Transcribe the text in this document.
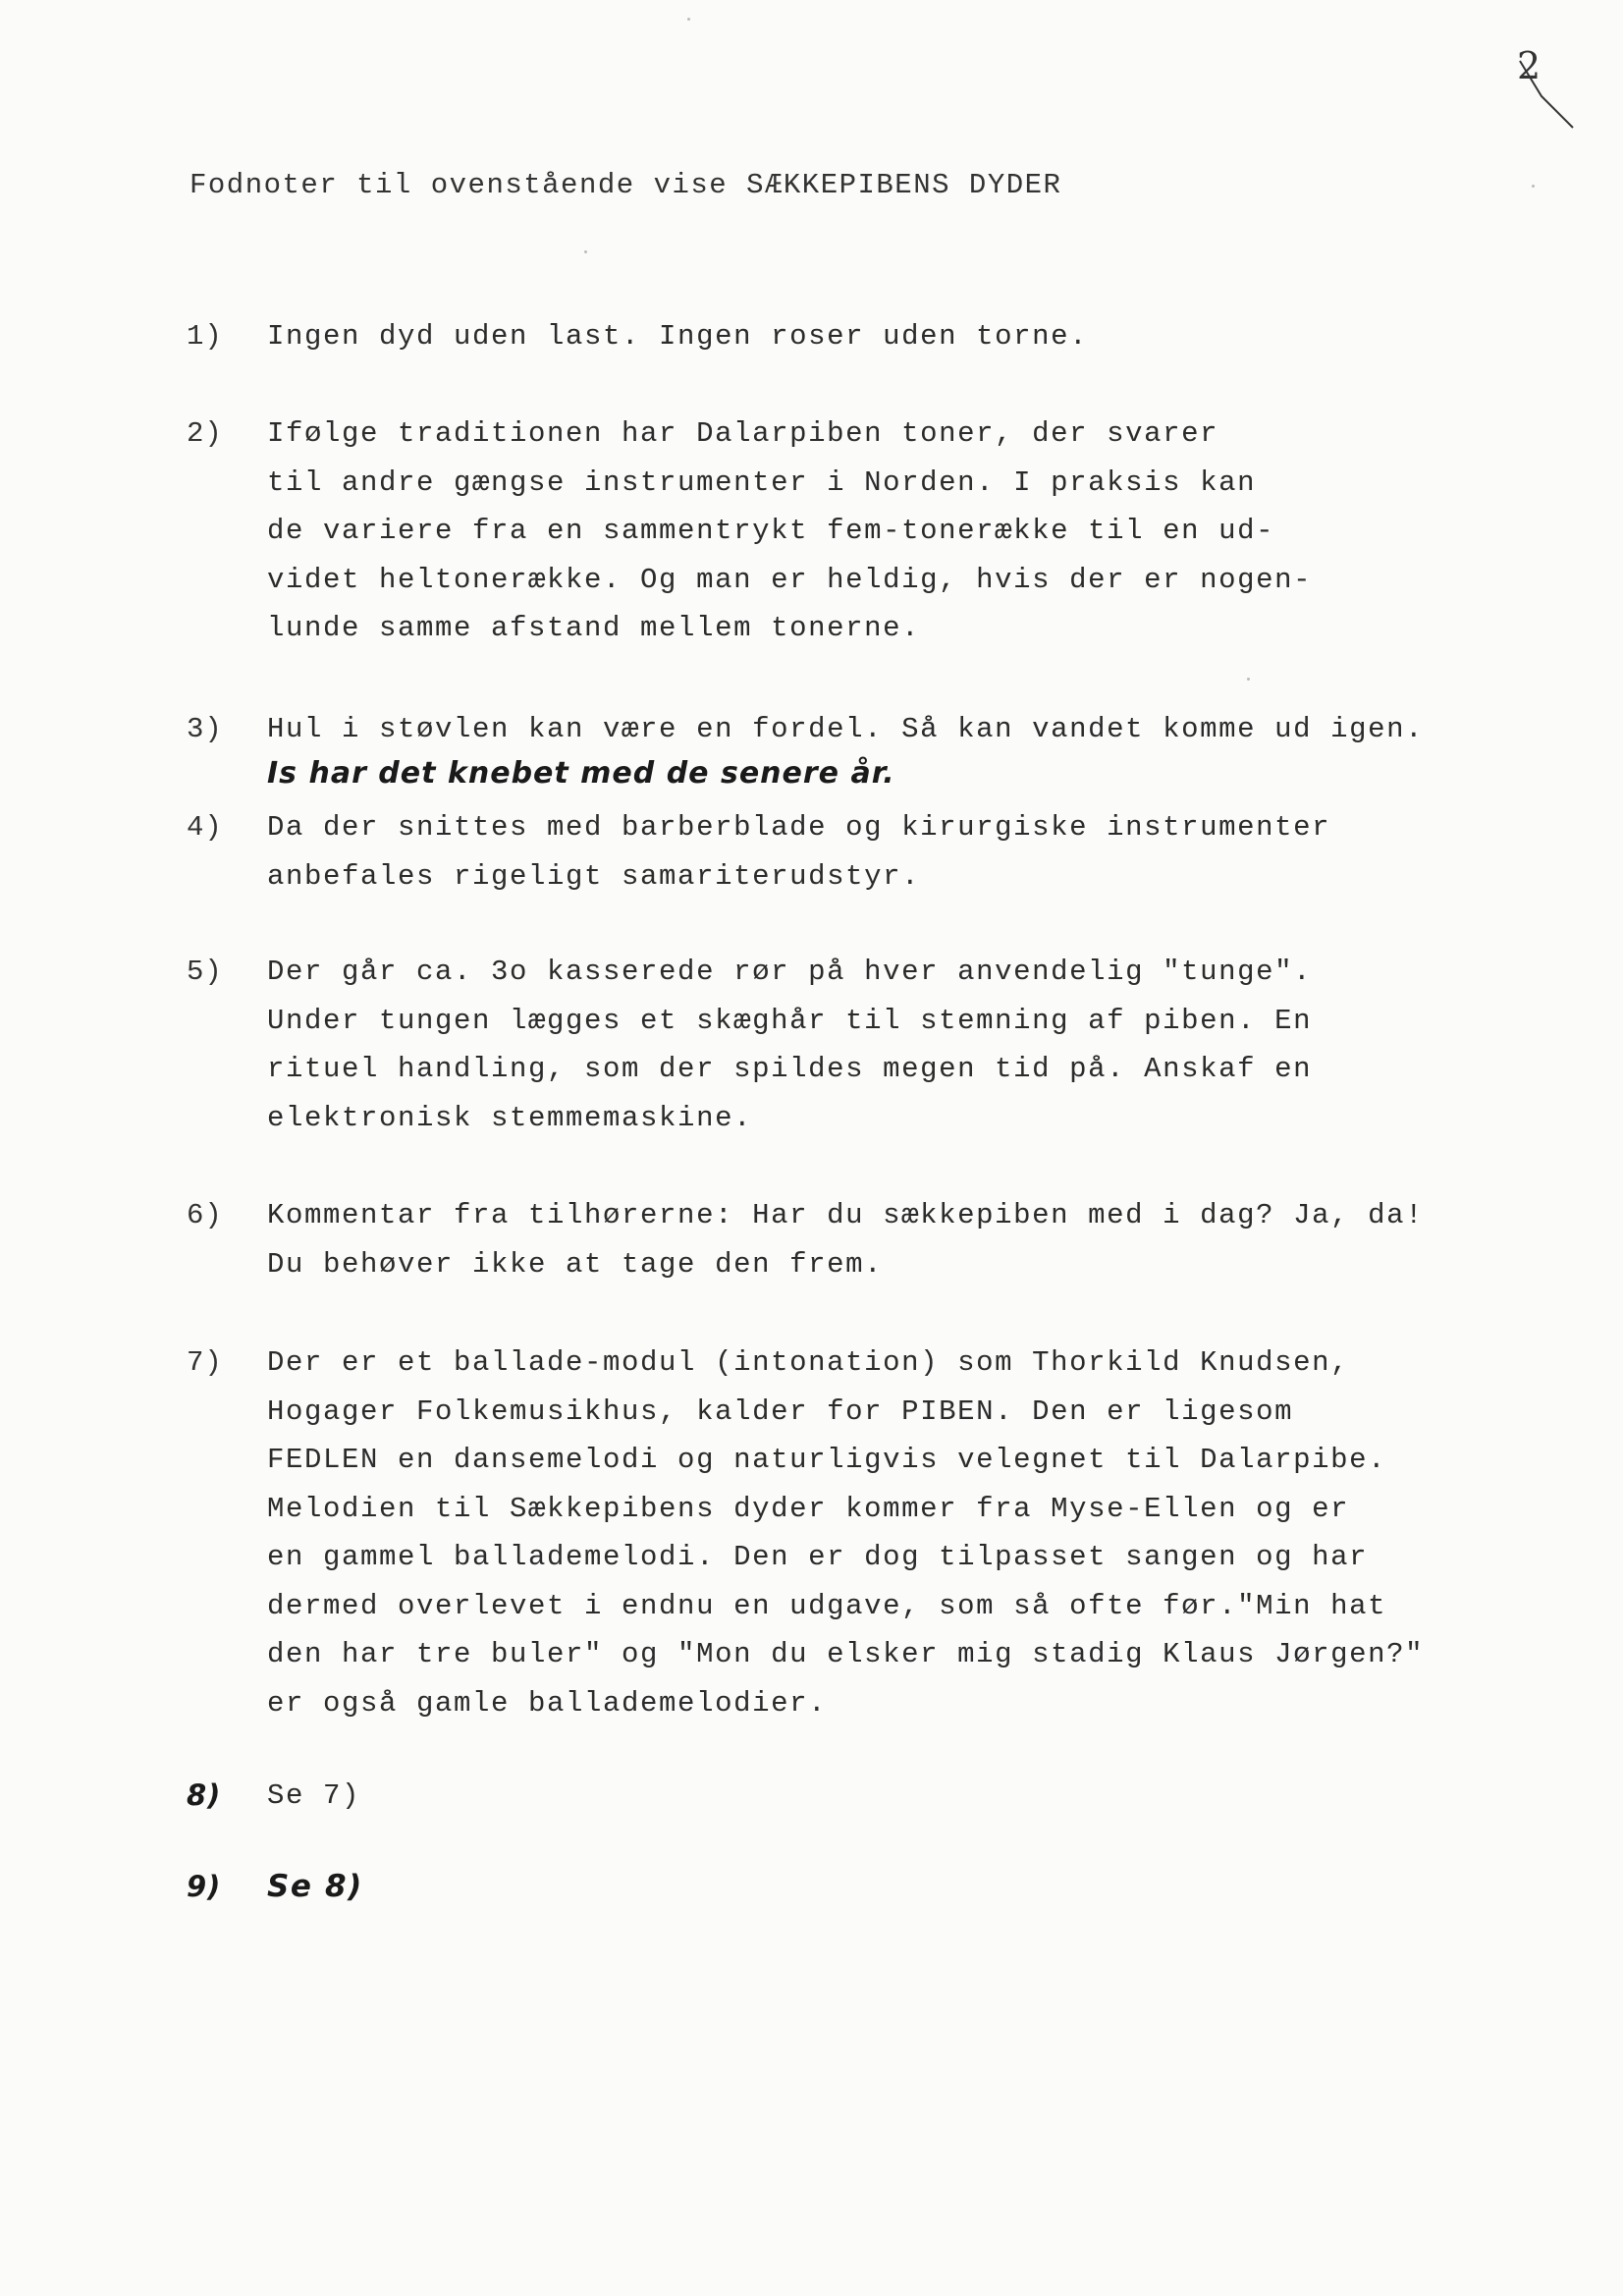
2
Fodnoter til ovenstående vise SÆKKEPIBENS DYDER
1)	Ingen dyd uden last. Ingen roser uden torne.
2)	Ifølge traditionen har Dalarpiben toner, der svarer
til andre gængse instrumenter i Norden. I praksis kan
de variere fra en sammentrykt fem-tonerække til en ud-
videt heltonerække. Og man er heldig, hvis der er nogen-
lunde samme afstand mellem tonerne.
3)	Hul i støvlen kan være en fordel. Så kan vandet komme ud igen.
Is har det knebet med de senere år.
4)	Da der snittes med barberblade og kirurgiske instrumenter
anbefales rigeligt samariterudstyr.
5)	Der går ca. 3o kasserede rør på hver anvendelig "tunge".
Under tungen lægges et skæghår til stemning af piben. En
rituel handling, som der spildes megen tid på. Anskaf en
elektronisk stemmemaskine.
6)	Kommentar fra tilhørerne: Har du sækkepiben med i dag? Ja, da!
Du behøver ikke at tage den frem.
7)	Der er et ballade-modul (intonation) som Thorkild Knudsen,
Hogager Folkemusikhus, kalder for PIBEN. Den er ligesom
FEDLEN en dansemelodi og naturligvis velegnet til Dalarpibe.
Melodien til Sækkepibens dyder kommer fra Myse-Ellen og er
en gammel ballademelodi. Den er dog tilpasset sangen og har
dermed overlevet i endnu en udgave, som så ofte før."Min hat
den har tre buler" og "Mon du elsker mig stadig Klaus Jørgen?"
er også gamle ballademelodier.
8)	Se 7)
9)	Se 8)
